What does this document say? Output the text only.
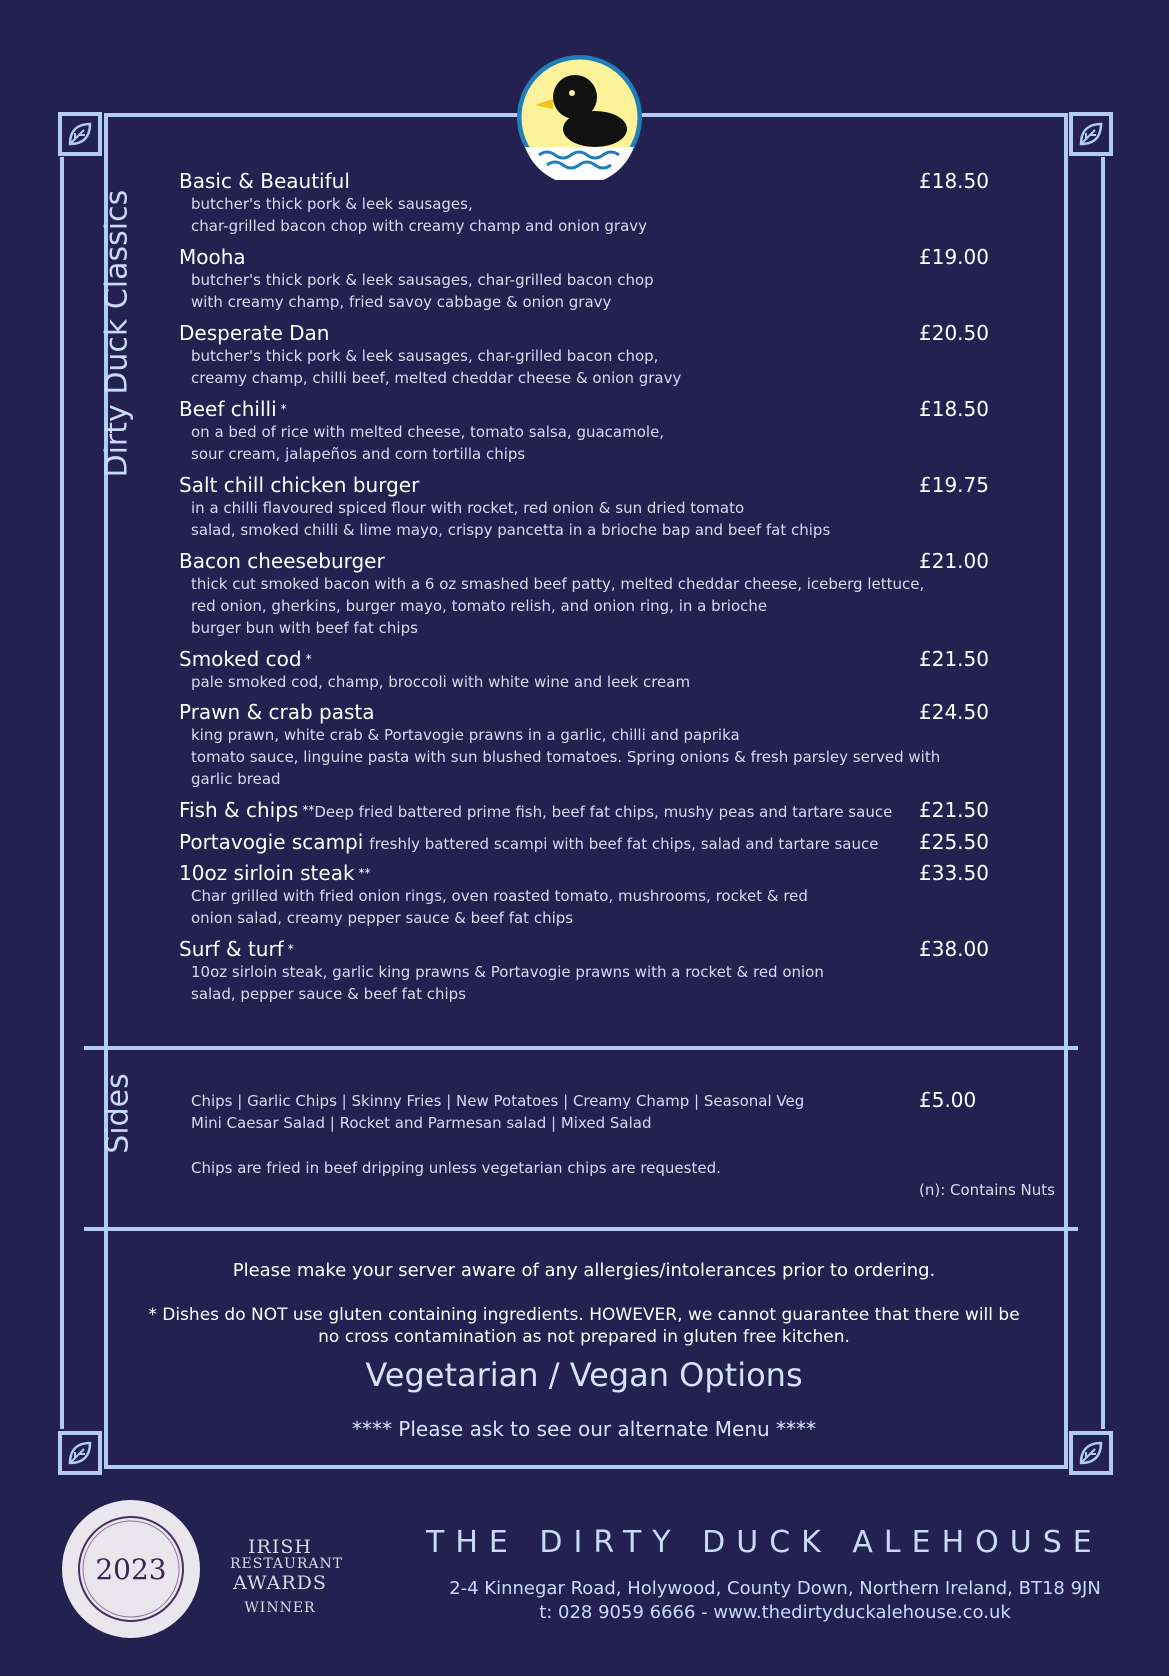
Dirty Duck Classics
Sides
Basic & Beautiful
butcher's thick pork & leek sausages,
char-grilled bacon chop with creamy champ and onion gravy
£18.50
Mooha
butcher's thick pork & leek sausages, char-grilled bacon chop
with creamy champ, fried savoy cabbage & onion gravy
£19.00
Desperate Dan
butcher's thick pork & leek sausages, char-grilled bacon chop,
creamy champ, chilli beef, melted cheddar cheese & onion gravy
£20.50
Beef chilli *
on a bed of rice with melted cheese, tomato salsa, guacamole,
sour cream, jalapeños and corn tortilla chips
£18.50
Salt chill chicken burger
in a chilli flavoured spiced flour with rocket, red onion & sun dried tomato
salad, smoked chilli & lime mayo, crispy pancetta in a brioche bap and beef fat chips
£19.75
Bacon cheeseburger
thick cut smoked bacon with a 6 oz smashed beef patty, melted cheddar cheese, iceberg lettuce,
red onion, gherkins, burger mayo, tomato relish, and onion ring, in a brioche
burger bun with beef fat chips
£21.00
Smoked cod *
pale smoked cod, champ, broccoli with white wine and leek cream
£21.50
Prawn & crab pasta
king prawn, white crab & Portavogie prawns in a garlic, chilli and paprika
tomato sauce, linguine pasta with sun blushed tomatoes. Spring onions & fresh parsley served with
garlic bread
£24.50
Fish & chips **Deep fried battered prime fish, beef fat chips, mushy peas and tartare sauce	£21.50
Portavogie scampi freshly battered scampi with beef fat chips, salad and tartare sauce	£25.50
10oz sirloin steak **
Char grilled with fried onion rings, oven roasted tomato, mushrooms, rocket & red
onion salad, creamy pepper sauce & beef fat chips
£33.50
Surf & turf *
10oz sirloin steak, garlic king prawns & Portavogie prawns with a rocket & red onion
salad, pepper sauce & beef fat chips
£38.00
Chips | Garlic Chips | Skinny Fries | New Potatoes | Creamy Champ | Seasonal Veg
Mini Caesar Salad | Rocket and Parmesan salad | Mixed Salad
£5.00
Chips are fried in beef dripping unless vegetarian chips are requested.
(n): Contains Nuts
Please make your server aware of any allergies/intolerances prior to ordering.
* Dishes do NOT use gluten containing ingredients. HOWEVER, we cannot guarantee that there will be
no cross contamination as not prepared in gluten free kitchen.
Vegetarian / Vegan Options
**** Please ask to see our alternate Menu ****
2023
IRISH
RESTAURANT
AWARDS
WINNER
THE DIRTY DUCK ALEHOUSE
2-4 Kinnegar Road, Holywood, County Down, Northern Ireland, BT18 9JN
t: 028 9059 6666 - www.thedirtyduckalehouse.co.uk
